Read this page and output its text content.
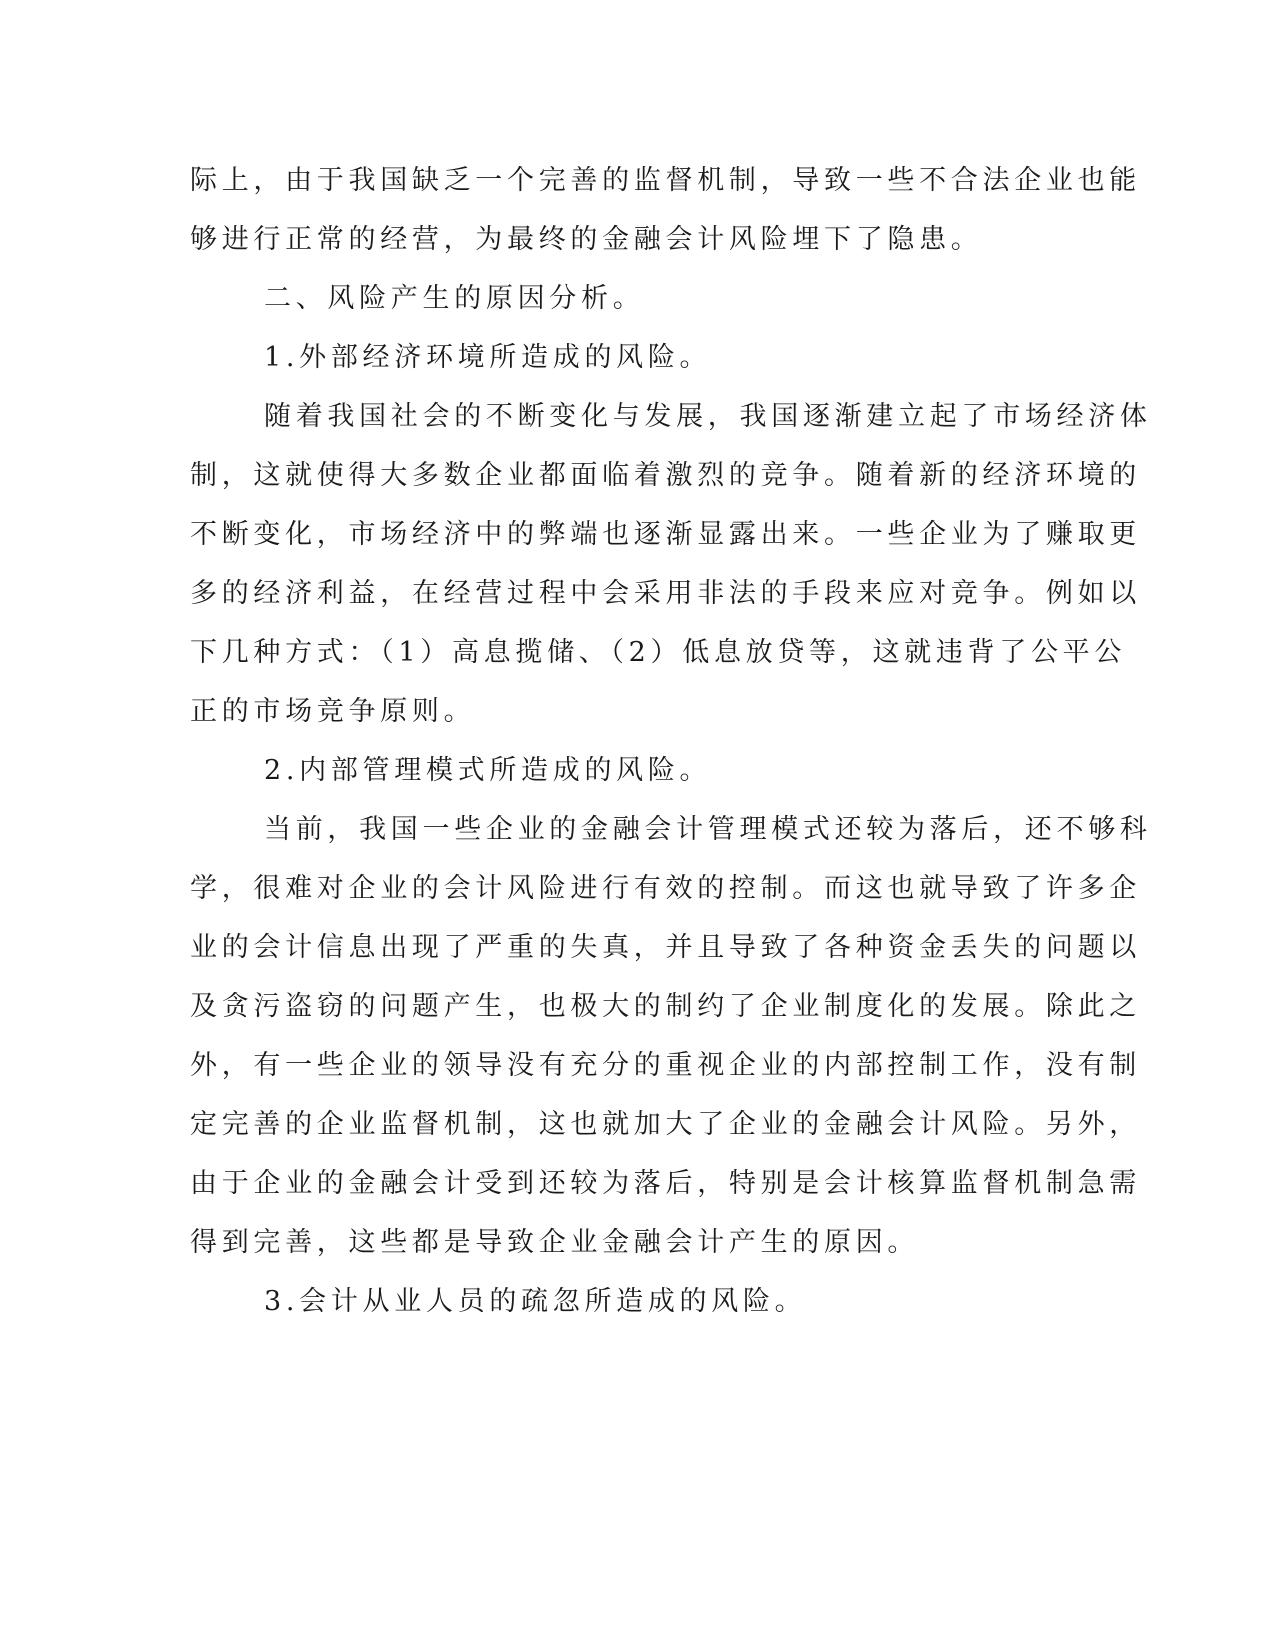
际上，由于我国缺乏一个完善的监督机制，导致一些不合法企业也能
够进行正常的经营，为最终的金融会计风险埋下了隐患。
二、风险产生的原因分析。
1.外部经济环境所造成的风险。
随着我国社会的不断变化与发展，我国逐渐建立起了市场经济体
制，这就使得大多数企业都面临着激烈的竞争。随着新的经济环境的
不断变化，市场经济中的弊端也逐渐显露出来。一些企业为了赚取更
多的经济利益，在经营过程中会采用非法的手段来应对竞争。例如以
下几种方式：（1）高息揽储、（2）低息放贷等，这就违背了公平公
正的市场竞争原则。
2.内部管理模式所造成的风险。
当前，我国一些企业的金融会计管理模式还较为落后，还不够科
学，很难对企业的会计风险进行有效的控制。而这也就导致了许多企
业的会计信息出现了严重的失真，并且导致了各种资金丢失的问题以
及贪污盗窃的问题产生，也极大的制约了企业制度化的发展。除此之
外，有一些企业的领导没有充分的重视企业的内部控制工作，没有制
定完善的企业监督机制，这也就加大了企业的金融会计风险。另外，
由于企业的金融会计受到还较为落后，特别是会计核算监督机制急需
得到完善，这些都是导致企业金融会计产生的原因。
3.会计从业人员的疏忽所造成的风险。
